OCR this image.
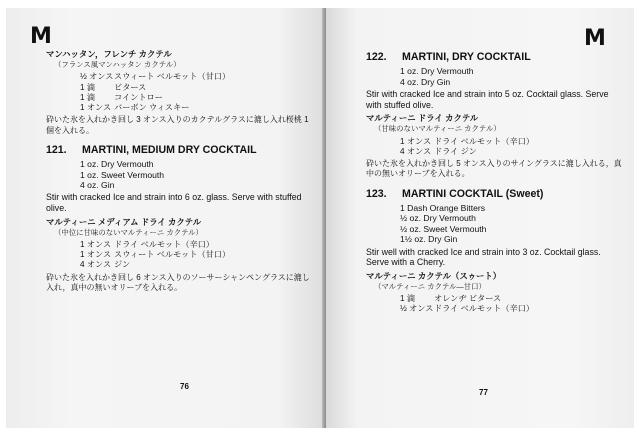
M
マンハッタン，フレンチ カクテル
（フランス風マンハッタン カクテル）
½ オンススウィート ベルモット（甘口）
1 滴 ビタース
1 滴 コイントロー
1 オンス バーボン ウィスキー
砕いた氷を入れかき回し 3 オンス入りのカクテルグラスに漉し入れ桜桃 1 個を入れる。
121. MARTINI, MEDIUM DRY COCKTAIL
1 oz. Dry Vermouth
1 oz. Sweet Vermouth
4 oz. Gin
Stir with cracked Ice and strain into 6 oz. glass. Serve with stuffed olive.
マルティーニ メディアム ドライ カクテル
（中位に甘味のないマルティーニ カクテル）
1 オンス ドライ ベルモット（辛口）
1 オンス スウィート ベルモット（甘口）
4 オンス ジン
砕いた氷を入れかき回し 6 オンス入りのソーサーシャンペングラスに漉し入れ，真中の無いオリーブを入れる。
76
M
122. MARTINI, DRY COCKTAIL
1 oz. Dry Vermouth
4 oz. Dry Gin
Stir with cracked Ice and strain into 5 oz. Cocktail glass. Serve with stuffed olive.
マルティーニ ドライ カクテル
（甘味のないマルティーニ カクテル）
1 オンス ドライ ベルモット（辛口）
4 オンス ドライ ジン
砕いた氷を入れかき回し 5 オンス入りのサイングラスに漉し入れる，真中の無いオリーブを入れる。
123. MARTINI COCKTAIL (Sweet)
1 Dash Orange Bitters
½ oz. Dry Vermouth
½ oz. Sweet Vermouth
1½ oz. Dry Gin
Stir well with cracked Ice and strain into 3 oz. Cocktail glass. Serve with a Cherry.
マルティーニ カクテル（スゥート）
（マルティーニ カクテル―甘口）
1 滴 オレンヂ ビタース
½ オンスドライ ベルモット（辛口）
77
